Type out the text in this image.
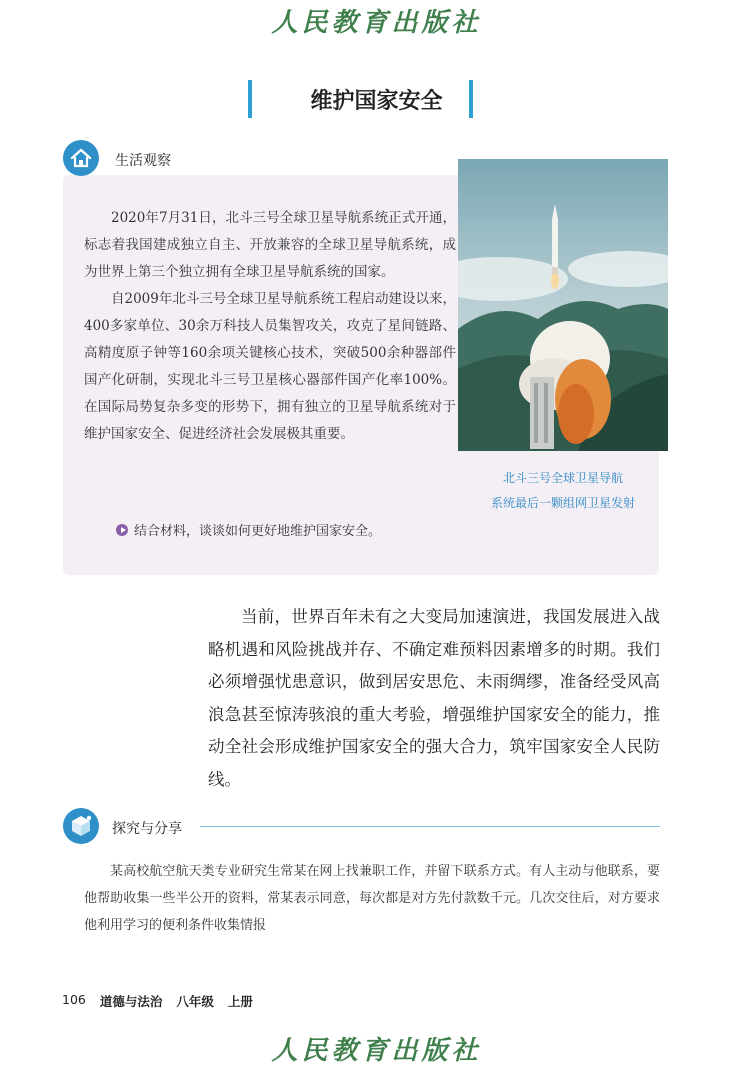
人民教育出版社
维护国家安全
生活观察

2020年7月31日，北斗三号全球卫星导航系统正式开通，标志着我国建成独立自主、开放兼容的全球卫星导航系统，成为世界上第三个独立拥有全球卫星导航系统的国家。

自2009年北斗三号全球卫星导航系统工程启动建设以来，400多家单位、30余万科技人员集智攻关，攻克了星间链路、高精度原子钟等160余项关键核心技术，突破500余种器部件国产化研制，实现北斗三号卫星核心器部件国产化率100%。在国际局势复杂多变的形势下，拥有独立的卫星导航系统对于维护国家安全、促进经济社会发展极其重要。

北斗三号全球卫星导航
系统最后一颗组网卫星发射
结合材料，谈谈如何更好地维护国家安全。

当前，世界百年未有之大变局加速演进，我国发展进入战略机遇和风险挑战并存、不确定难预料因素增多的时期。我们必须增强忧患意识，做到居安思危、未雨绸缪，准备经受风高浪急甚至惊涛骇浪的重大考验，增强维护国家安全的能力，推动全社会形成维护国家安全的强大合力，筑牢国家安全人民防线。

探究与分享

某高校航空航天类专业研究生常某在网上找兼职工作，并留下联系方式。有人主动与他联系，要他帮助收集一些半公开的资料，常某表示同意，每次都是对方先付款数千元。几次交往后，对方要求他利用学习的便利条件收集情报

106 道德与法治 八年级 上册
人民教育出版社
